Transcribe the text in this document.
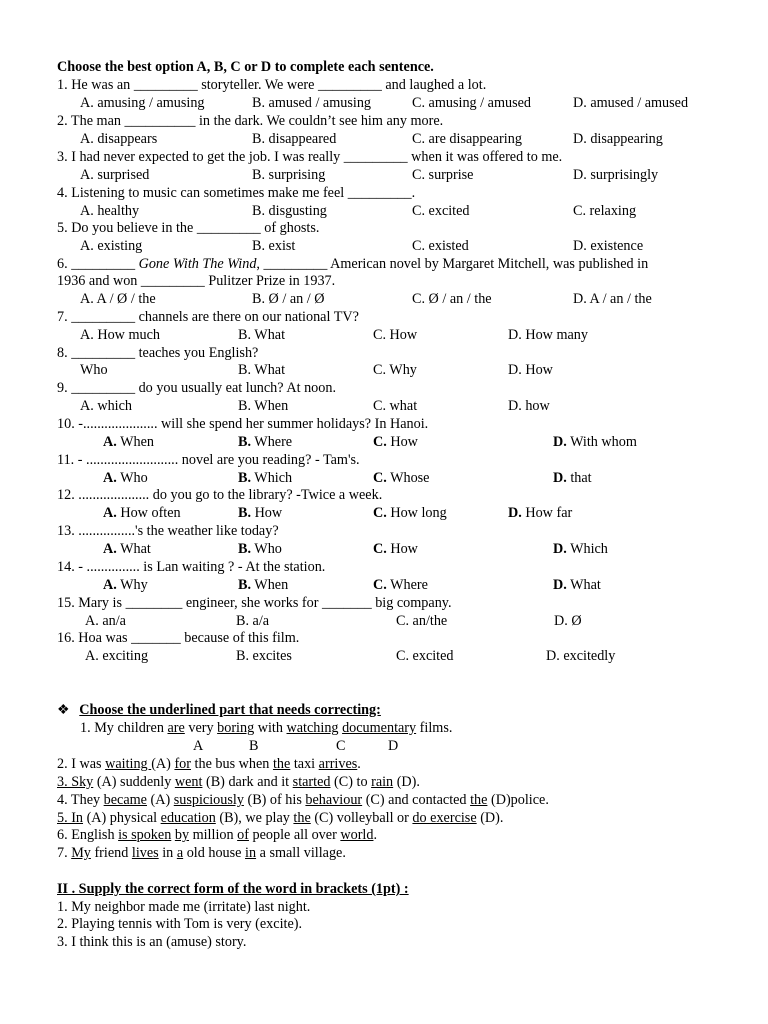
Choose the best option A, B, C or D to complete each sentence.
1. He was an _________ storyteller. We were _________ and laughed a lot.
A. amusing / amusing	B. amused / amusing	C. amusing / amused	D. amused / amused
2. The man __________ in the dark. We couldn’t see him any more.
A. disappears	B. disappeared	C. are disappearing	D. disappearing
3. I had never expected to get the job. I was really _________ when it was offered to me.
A. surprised	B. surprising	C. surprise	D. surprisingly
4. Listening to music can sometimes make me feel _________.
A. healthy	B. disgusting	C. excited	C. relaxing
5. Do you believe in the _________ of ghosts.
A. existing	B. exist	C. existed	D. existence
6. _________ Gone With The Wind, _________ American novel by Margaret Mitchell, was published in
1936 and won _________ Pulitzer Prize in 1937.
A. A / Ø / the	B. Ø / an / Ø	C. Ø / an / the	D. A / an / the
7. _________ channels are there on our national TV?
A. How much	B. What	C. How	D. How many
8. _________ teaches you English?
Who	B. What	C. Why	D. How
9. _________ do you usually eat lunch? At noon.
A. which	B. When	C. what	D. how
10. -..................... will she spend her summer holidays? In Hanoi.
A. When	B. Where	C. How	D. With whom
11. - .......................... novel are you reading? - Tam's.
A. Who	B. Which	C. Whose	D. that
12. .................... do you go to the library? -Twice a week.
A. How often	B. How	C. How long	D. How far
13. ................'s the weather like today?
A. What	B. Who	C. How	D. Which
14. - ............... is Lan waiting ? - At the station.
A. Why	B. When	C. Where	D. What
15. Mary is ________ engineer, she works for _______ big company.
A. an/a	B. a/a	C. an/the	D. Ø
16. Hoa was _______ because of this film.
A. exciting	B. excites	C. excited	D. excitedly
❖ Choose the underlined part that needs correcting:
1. My children are very boring with watching documentary films.
A	B	C	D
2. I was waiting (A) for the bus when the taxi arrives.
3. Sky (A) suddenly went (B) dark and it started (C) to rain (D).
4. They became (A) suspiciously (B) of his behaviour (C) and contacted the (D)police.
5. In (A) physical education (B), we play the (C) volleyball or do exercise (D).
6. English is spoken by million of people all over world.
7. My friend lives in a old house in a small village.
II . Supply the correct form of the word in brackets (1pt) :
1. My neighbor made me (irritate) last night.
2. Playing tennis with Tom is very (excite).
3. I think this is an (amuse) story.
